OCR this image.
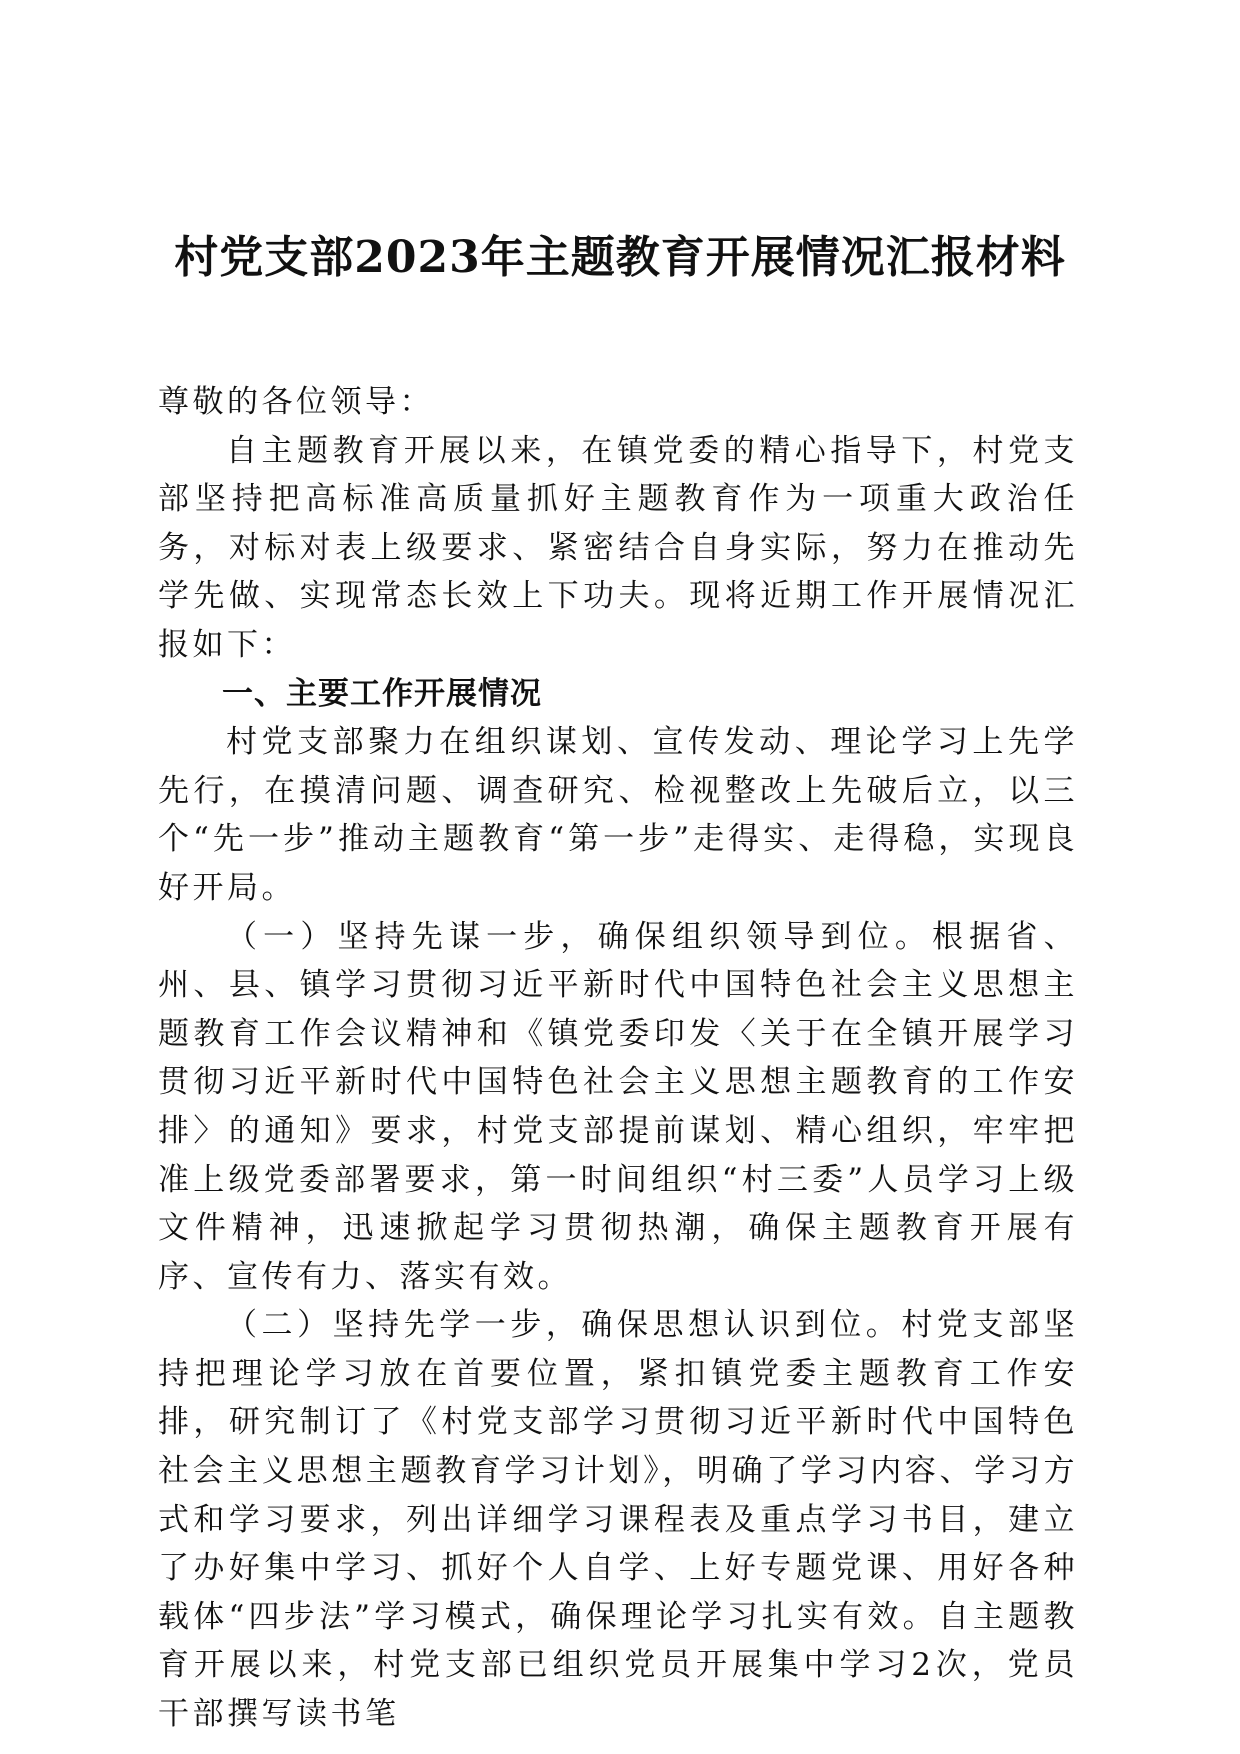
村党支部2023年主题教育开展情况汇报材料

尊敬的各位领导：

自主题教育开展以来，在镇党委的精心指导下，村党支部坚持把高标准高质量抓好主题教育作为一项重大政治任务，对标对表上级要求、紧密结合自身实际，努力在推动先学先做、实现常态长效上下功夫。现将近期工作开展情况汇报如下：

一、主要工作开展情况

村党支部聚力在组织谋划、宣传发动、理论学习上先学先行，在摸清问题、调查研究、检视整改上先破后立，以三个“先一步”推动主题教育“第一步”走得实、走得稳，实现良好开局。

（一）坚持先谋一步，确保组织领导到位。根据省、州、县、镇学习贯彻习近平新时代中国特色社会主义思想主题教育工作会议精神和《镇党委印发〈关于在全镇开展学习贯彻习近平新时代中国特色社会主义思想主题教育的工作安排〉的通知》要求，村党支部提前谋划、精心组织，牢牢把准上级党委部署要求，第一时间组织“村三委”人员学习上级文件精神，迅速掀起学习贯彻热潮，确保主题教育开展有序、宣传有力、落实有效。

（二）坚持先学一步，确保思想认识到位。村党支部坚持把理论学习放在首要位置，紧扣镇党委主题教育工作安排，研究制订了《村党支部学习贯彻习近平新时代中国特色社会主义思想主题教育学习计划》，明确了学习内容、学习方式和学习要求，列出详细学习课程表及重点学习书目，建立了办好集中学习、抓好个人自学、上好专题党课、用好各种载体“四步法”学习模式，确保理论学习扎实有效。自主题教育开展以来，村党支部已组织党员开展集中学习2次，党员干部撰写读书笔
